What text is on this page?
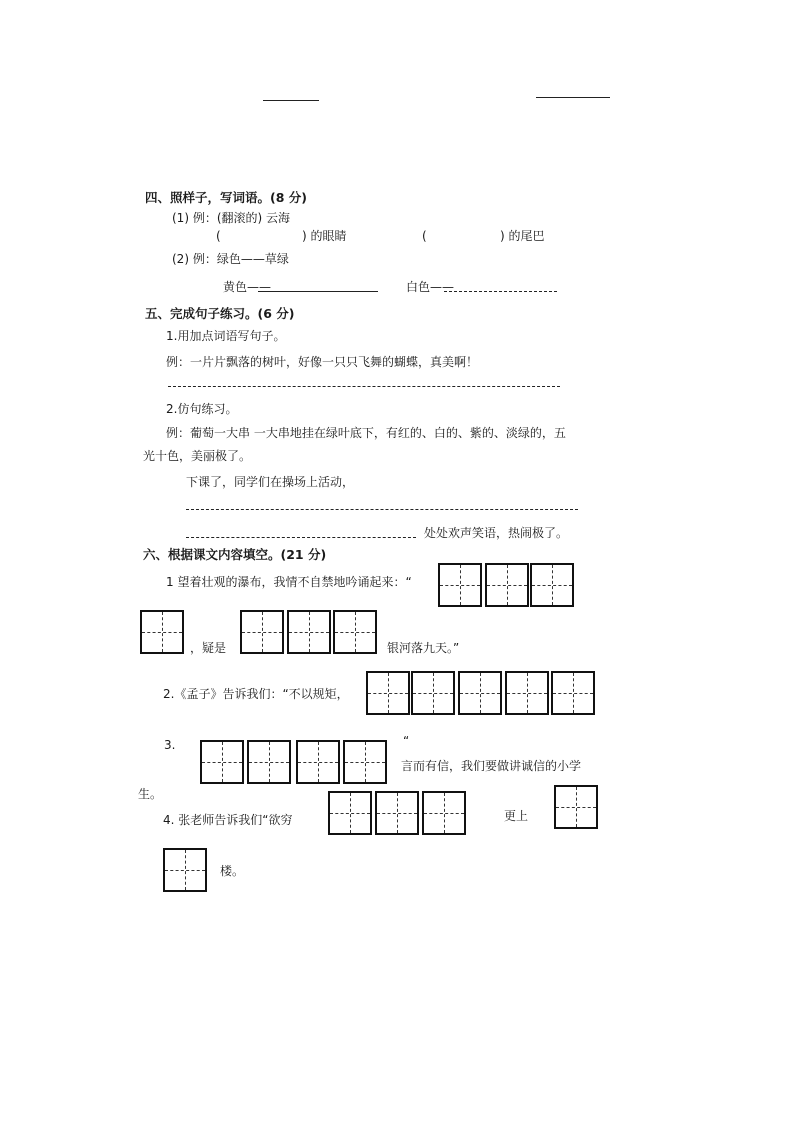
四、照样子，写词语。(8 分)
(1) 例：(翻滚的) 云海
(	) 的眼睛	(	) 的尾巴
(2) 例：绿色——草绿
黄色——	白色——
五、完成句子练习。(6 分)
1.用加点词语写句子。
例：一片片飘落的树叶，好像一只只飞舞的蝴蝶，真美啊！
2.仿句练习。
例：葡萄一大串 一大串地挂在绿叶底下，有红的、白的、紫的、淡绿的，五
光十色，美丽极了。
下课了，同学们在操场上活动，
处处欢声笑语，热闹极了。
六、根据课文内容填空。(21 分)
1 望着壮观的瀑布，我情不自禁地吟诵起来：“
，疑是	银河落九天。”
2.《孟子》告诉我们：“不以规矩，
3.	“
言而有信，我们要做讲诚信的小学
生。
4. 张老师告诉我们“欲穷	更上
楼。
